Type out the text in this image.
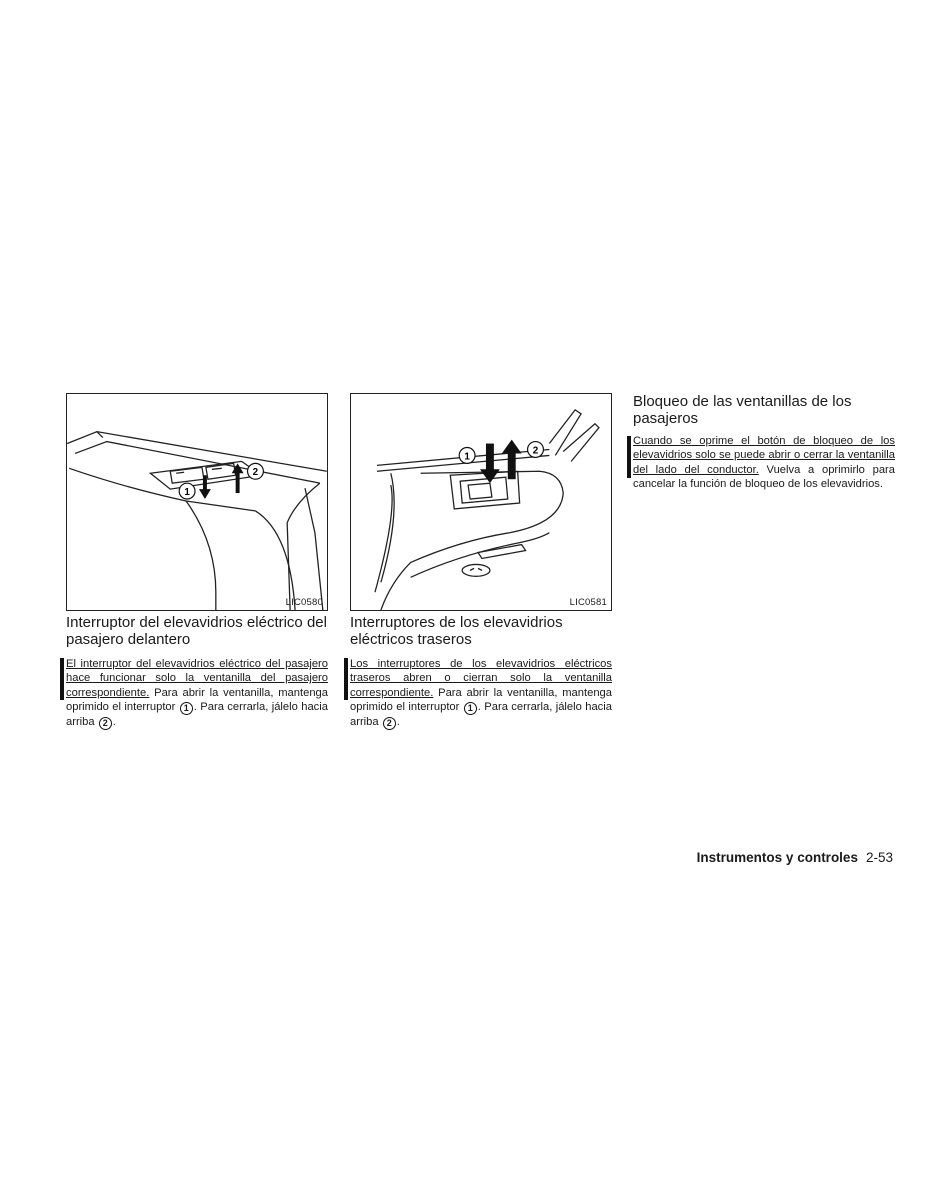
1
2
LIC0580
1
2
LIC0581
Interruptor del elevavidrios eléctrico del pasajero delantero

El interruptor del elevavidrios eléctrico del pasajero hace funcionar solo la ventanilla del pasajero correspondiente. Para abrir la ventanilla, mantenga oprimido el interruptor 1 . Para cerrarla, jálelo hacia arriba 2 .

Interruptores de los elevavidrios eléctricos traseros

Los interruptores de los elevavidrios eléctricos traseros abren o cierran solo la ventanilla correspondiente. Para abrir la ventanilla, mantenga oprimido el interruptor 1 . Para cerrarla, jálelo hacia arriba 2 .

Bloqueo de las ventanillas de los pasajeros

Cuando se oprime el botón de bloqueo de los elevavidrios solo se puede abrir o cerrar la ventanilla del lado del conductor. Vuelva a oprimirlo para cancelar la función de bloqueo de los elevavidrios.

Instrumentos y controles 2-53
